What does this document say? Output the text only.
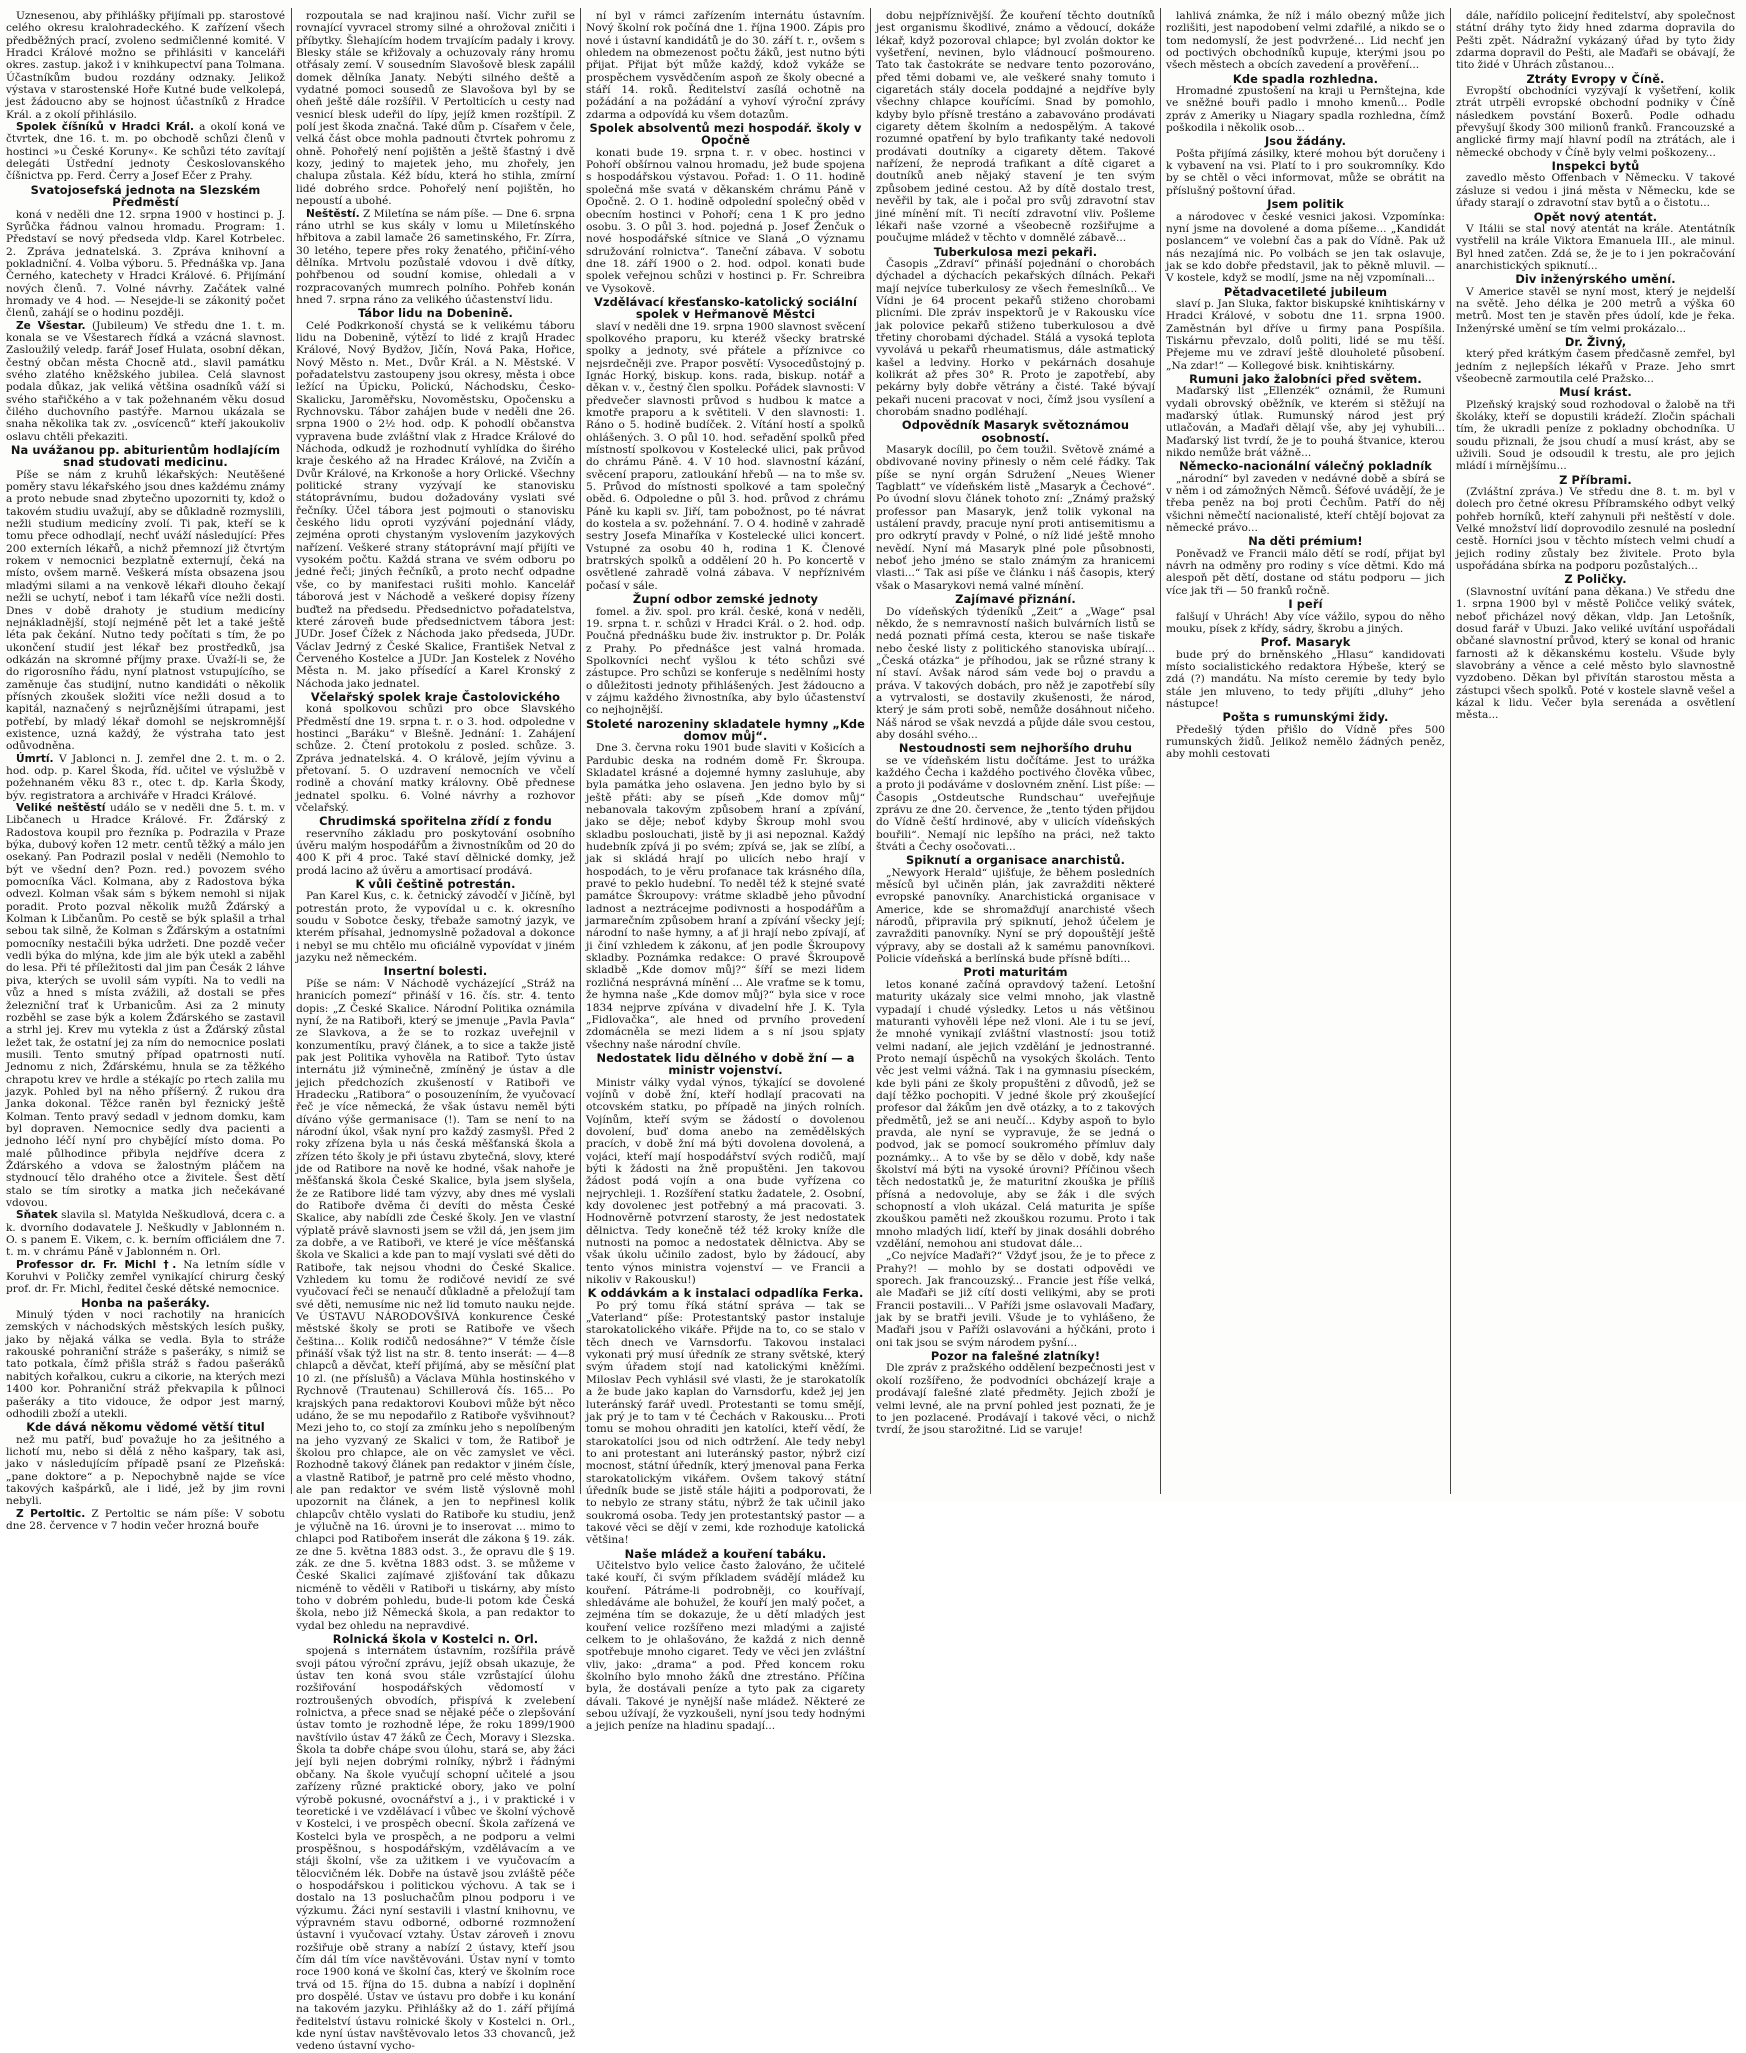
Uznesenou, aby přihlášky přijímali pp. starostové celého okresu kralohradeckého. K zařízení všech předběžných prací, zvoleno sedmičlenné komité. V Hradci Králové možno se přihlásiti v kanceláři okres. zastup. jakož i v knihkupectví pana Tolmana. Účastníkům budou rozdány odznaky. Jelikož výstava v starostenské Hoře Kutné bude velkolepá, jest žádoucno aby se hojnost účastníků z Hradce Král. a z okolí přihlásilo.

Spolek číšníků v Hradci Král. a okolí koná ve čtvrtek, dne 16. t. m. po obchodě schůzi členů v hostinci »u České Koruny«. Ke schůzi této zavítají delegáti Ústřední jednoty Českoslovanského číšnictva pp. Ferd. Čerry a Josef Ečer z Prahy.

Svatojosefská jednota na Slezském Předměstí

koná v neděli dne 12. srpna 1900 v hostinci p. J. Syrůčka řádnou valnou hromadu. Program: 1. Představí se nový předseda vldp. Karel Kotrbelec. 2. Zpráva jednatelská. 3. Zpráva knihovní a pokladniční. 4. Volba výboru. 5. Přednáška vp. Jana Černého, katechety v Hradci Králové. 6. Přijímání nových členů. 7. Volné návrhy. Začátek valné hromady ve 4 hod. — Nesejde-li se zákonitý počet členů, zahájí se o hodinu později.

Ze Všestar. (Jubileum) Ve středu dne 1. t. m. konala se ve Všestarech řídká a vzácná slavnost. Zasloužilý veledp. farář Josef Hulata, osobní děkan, čestný občan města Chocně atd., slavil památku svého zlatého kněžského jubilea. Celá slavnost podala důkaz, jak veliká většina osadníků váží si svého stařičkého a v tak požehnaném věku dosud čilého duchovního pastýře. Marnou ukázala se snaha několika tak zv. „osvícenců“ kteří jakoukoliv oslavu chtěli překaziti.

Na uvážanou pp. abiturientům hodlajícím snad studovati medicinu.

Píše se nám z kruhů lékařských: Neutěšené poměry stavu lékařského jsou dnes každému známy a proto nebude snad zbytečno upozorniti ty, kdož o takovém studiu uvažují, aby se důkladně rozmyslili, nežli studium medicíny zvolí. Ti pak, kteří se k tomu přece odhodlají, nechť uváží následující: Přes 200 externích lékařů, a nichž přemnozí již čtvrtým rokem v nemocnici bezplatně externují, čeká na místo, ovšem marně. Veškerá místa obsazena jsou mladými silami a na venkově lékaři dlouho čekají nežli se uchytí, neboť i tam lékařů více nežli dosti. Dnes v době drahoty je studium medicíny nejnákladnější, stojí nejméně pět let a také ještě léta pak čekání. Nutno tedy počítati s tím, že po ukončení studií jest lékař bez prostředků, jsa odkázán na skromné příjmy praxe. Úvaží-li se, že do rigorosního řádu, nyní platnost vstupujícího, se zaměnuje čas studijní, nutno kandidáti o několik přísných zkoušek složiti více nežli dosud a to kapitál, naznačený s nejrůznějšími útrapami, jest potřebí, by mladý lékař domohl se nejskromnější existence, uzná každý, že výstraha tato jest odůvodněna.

Úmrtí. V Jablonci n. J. zemřel dne 2. t. m. o 2. hod. odp. p. Karel Škoda, říd. učitel ve výslužbě v požehnaném věku 83 r., otec t. dp. Karla Škody, býv. registratora a archiváře v Hradci Králové.

Veliké neštěstí událo se v neděli dne 5. t. m. v Libčanech u Hradce Králové. Fr. Žďárský z Radostova koupil pro řezníka p. Podrazila v Praze býka, dubový kořen 12 metr. centů těžký a málo jen osekaný. Pan Podrazil poslal v neděli (Nemohlo to být ve všední den? Pozn. red.) povozem svého pomocníka Václ. Kolmana, aby z Radostova býka odvezl. Kolman však sám s býkem nemohl si nijak poradit. Proto pozval několik mužů Žďárský a Kolman k Libčanům. Po cestě se býk splašil a trhal sebou tak silně, že Kolman s Žďárským a ostatními pomocníky nestačili býka udržeti. Dne pozdě večer vedli býka do mlýna, kde jim ale býk utekl a zaběhl do lesa. Při té příležitosti dal jim pan Česák 2 láhve piva, kterých se uvolil sám vypíti. Na to vedli na vůz a hned s místa zvážili, až dostali se přes železniční trať k Urbanicům. Asi za 2 minuty rozběhl se zase býk a kolem Žďárského se zastavil a strhl jej. Krev mu vytekla z úst a Žďárský zůstal ležet tak, že ostatní jej za ním do nemocnice poslati musili. Tento smutný případ opatrnosti nutí. Jednomu z nich, Žďárskému, hnula se za těžkého chrapotu krev ve hrdle a stékajíc po rtech zalila mu jazyk. Pohled byl na něho příšerný. Ž rukou dra Janka dokonal. Těžce raněn byl řeznický ještě Kolman. Tento pravý sedadl v jednom domku, kam byl dopraven. Nemocnice sedly dva pacienti a jednoho léčí nyní pro chybějící místo doma. Po malé půlhodince přibyla nejdříve dcera z Žďárského a vdova se žalostným pláčem na stydnoucí tělo drahého otce a živitele. Šest dětí stalo se tím sirotky a matka jich nečekávané vdovou.

Sňatek slavila sl. Matylda Neškudlová, dcera c. a k. dvorního dodavatele J. Neškudly v Jablonném n. O. s panem E. Vikem, c. k. berním officiálem dne 7. t. m. v chrámu Páně v Jablonném n. Orl.

Professor dr. Fr. Michl †. Na letním sídle v Koruhvi v Poličky zemřel vynikající chirurg český prof. dr. Fr. Michl, ředitel české dětské nemocnice.

Honba na pašeráky.

Minulý týden v noci rachotily na hranicích zemských v náchodských městských lesích pušky, jako by nějaká válka se vedla. Byla to stráže rakouské pohraniční stráže s pašeráky, s nimiž se tato potkala, čímž přišla stráž s řadou pašeráků nabitých kořalkou, cukru a cikorie, na kterých mezi 1400 kor. Pohraniční stráž překvapila k půlnoci pašeráky a tito vidouce, že odpor jest marný, odhodili zboží a utekli.

Kde dává někomu vědomé větší titul

než mu patří, buď považuje ho za ješitného a lichotí mu, nebo si dělá z něho kašpary, tak asi, jako v následujícím případě psaní ze Plzeňská: „pane doktore“ a p. Nepochybně najde se více takových kašpárků, ale i lidé, jež by jim rovni nebyli.

Z Pertoltic. Z Pertoltic se nám píše: V sobotu dne 28. července v 7 hodin večer hrozná bouře

rozpoutala se nad krajinou naší. Vichr zuřil se rovnající vyvracel stromy silné a ohrožoval zničiti i příbytky. Šlehajícím hodem trvajícím padaly i krovy. Blesky stále se křižovaly a ochuzovaly rány hromu otřásaly zemí. V sousedním Slavošově blesk zapálil domek dělníka Janaty. Nebýti silného deště a vydatné pomoci sousedů ze Slavošova byl by se oheň ještě dále rozšířil. V Pertolticích u cesty nad vesnicí blesk udeřil do lípy, jejíž kmen rozštípil. Z polí jest škoda značná. Také dům p. Císařem v čele, velká část obce mohla padnouti čtvrtek pohromu z ohně. Pohořelý není pojištěn a ještě šťastný i dvě kozy, jediný to majetek jeho, mu zhořely, jen chalupa zůstala. Kéž bídu, která ho stihla, zmírní lidé dobrého srdce. Pohořelý není pojištěn, ho nepoustí a ubohé.

Neštěstí. Z Miletína se nám píše. — Dne 6. srpna ráno utrhl se kus skály v lomu u Miletínského hřbitova a zabil lamače 26 sametinského, Fr. Zírra, 30 letého, tepere přes roky ženatého, přičiní-vého dělníka. Mrtvolu pozůstalé vdovou i dvě dítky, pohřbenou od soudní komise, ohledali a v rozpracovaných mumrech polního. Pohřeb konán hned 7. srpna ráno za velikého účastenství lidu.

Tábor lidu na Dobenině.

Celé Podkrkonoší chystá se k velikému táboru lidu na Dobenině, výtězí to lidé z krajů Hradec Králové, Nový Bydžov, Jičín, Nová Paka, Hořice, Nový Město n. Met., Dvůr Král. a N. Městské. V pořadatelstvu zastoupeny jsou okresy, města i obce ležící na Úpicku, Polickú, Náchodsku, Česko-Skalicku, Jaroměřsku, Novoměstsku, Opočensku a Rychnovsku. Tábor zahájen bude v neděli dne 26. srpna 1900 o 2½ hod. odp. K pohodlí občanstva vypravena bude zvláštní vlak z Hradce Králové do Náchoda, odkudž je rozhodnutí vyhlídka do širého kraje českého až na Hradec Králové, na Zvičín a Dvůr Králové, na Krkonoše a hory Orlické. Všechny politické strany vyzývají ke stanovisku státoprávnímu, budou dožadovány vyslati své řečníky. Účel tábora jest pojmouti o stanovisku českého lidu oproti vyzývání pojednání vlády, zejména oproti chystaným vyslovením jazykových nařízení. Veškeré strany státoprávní mají přijíti ve vysokém počtu. Každá strana ve svém odboru po jedné řeči; jiných řečníků, a proto nechť odpadne vše, co by manifestaci rušiti mohlo. Kancelář táborová jest v Náchodě a veškeré dopisy řízeny buďtež na předsedu. Předsednictvo pořadatelstva, které zároveň bude předsednictvem tábora jest: JUDr. Josef Čížek z Náchoda jako předseda, JUDr. Václav Jedrný z České Skalice, František Netval z Červeného Kostelce a JUDr. Jan Kostelek z Nového Města n. M. jako přísedící a Karel Kronský z Náchoda jako jednatel.

Včelařský spolek kraje Častolovického

koná spolkovou schůzi pro obce Slavského Předměstí dne 19. srpna t. r. o 3. hod. odpoledne v hostinci „Baráku“ v Blešně. Jednání: 1. Zahájení schůze. 2. Čtení protokolu z posled. schůze. 3. Zpráva jednatelská. 4. O králově, jejím vývinu a přetovaní. 5. O uzdravení nemocních ve včelí rodině a chování matky královny. Obě přednese jednatel spolku. 6. Volné návrhy a rozhovor včelařský.

Chrudimská spořitelna zřídí z fondu

reservního základu pro poskytování osobního úvěru malým hospodářům a živnostníkům od 20 do 400 K při 4 proc. Také staví dělnické domky, jež prodá lacino až úvěru a amortisací prodává.

K vůli češtině potrestán.

Pan Karel Kus, c. k. četnický závodčí v Jičíně, byl potrestán proto, že vypovídal u c. k. okresního soudu v Sobotce česky, třebaže samotný jazyk, ve kterém přísahal, jednomyslně požadoval a dokonce i nebyl se mu chtělo mu oficiálně vypovídat v jiném jazyku než německém.

Insertní bolesti.

Píše se nám: V Náchodě vycházející „Stráž na hranicích pomezí“ přináší v 16. čís. str. 4. tento dopis: „Z České Skalice. Národní Politika oznámila nyní, že na Ratiboři, který se jmenuje „Pavla Pavla“ ze Slavkova, a že se to rozkaz uveřejnil v konzumentíku, pravý článek, a to sice a takže jistě pak jest Politika vyhověla na Ratiboř. Tyto ústav internátu již výminečně, zmíněný je ústav a dle jejich předchozích zkušeností v Ratiboři ve Hradecku „Ratibora“ o posouzeníním, že vyučovací řeč je více německá, že však ústavu neměl býti díváno výše germanisace (!). Tam se není to na národní úkol, však nyní pro každý zasmyšl. Před 2 roky zřízena byla u nás česká měšťanská škola a zřízen této školy je při ústavu zbytečná, slovy, které jde od Ratibore na nově ke hodné, však nahoře je měšťanská škola České Skalice, byla jsem slyšela, že ze Ratibore lidé tam výzvy, aby dnes mé vyslali do Ratiboře dvěma či devíti do města České Skalice, aby nabídli zde České školy. Jen ve vlastní výplatě právě slavnosti jsem se vžil dá, jen jsem jim za dobře, a ve Ratiboři, ve které je více měšťanská škola ve Skalici a kde pan to mají vyslati své děti do Ratiboře, tak nejsou vhodni do České Skalice. Vzhledem ku tomu že rodičové nevidí ze své vyučovací řeči se nenaučí důkladně a přeložují tam své děti, nemusíme nic než lid tomuto nauku nejde. Ve ÚSTAVU NÁRODOVŠIVÁ konkurence České městské školy se proti se Ratiboře ve všech čeština... Kolik rodičů nedosáhne?“ V témže čísle přináší však týž list na str. 8. tento inserát: — 4—8 chlapců a děvčat, kteří přijímá, aby se měsíční plat 10 zl. (ne příslušů) a Václava Mühla hostinského v Rychnově (Trautenau) Schillerová čís. 165... Po krajských pana redaktorovi Koubovi může být něco udáno, že se mu nepodařilo z Ratiboře vyšvihnout? Mezi jeho to, co stojí za zmínku jeho s nepolíbeným na jeho vyzvaný ze Skalici v tom, že Ratiboř je školou pro chlapce, ale on věc zamyslet ve věci. Rozhodně takový článek pan redaktor v jiném čísle, a vlastně Ratiboř, je patrně pro celé město vhodno, ale pan redaktor ve svém listě výslovně mohl upozornit na článek, a jen to nepřinesl kolik chlapcův chtělo vyslati do Ratiboře ku studiu, jenž je výlučně na 16. úrovni je to inserovat ... mimo to chlapci pod Ratibořem inserát dle zákona § 19. zák. ze dne 5. května 1883 odst. 3., že opravu dle § 19. zák. ze dne 5. května 1883 odst. 3. se můžeme v České Skalici zajímavé zjišťování tak důkazu nicméně to věděli v Ratiboři u tiskárny, aby místo toho v dobrém pohledu, bude-li potom kde Česká škola, nebo již Německá škola, a pan redaktor to vydal bez ohledu na nepravdivé.

Rolnická škola v Kostelci n. Orl.

spojená s internátem ústavním, rozšířila právě svoji pátou výroční zprávu, jejíž obsah ukazuje, že ústav ten koná svou stále vzrůstající úlohu rozšiřování hospodářských vědomostí v roztroušených obvodích, přispívá k zvelebení rolnictva, a přece snad se nějaké péče o zlepšování ústav tomto je rozhodně lépe, že roku 1899/1900 navštívilo ústav 47 žáků ze Čech, Moravy i Slezska. Škola ta dobře chápe svou úlohu, stará se, aby žáci její byli nejen dobrými rolníky, nýbrž i řádnými občany. Na škole vyučují schopní učitelé a jsou zařízeny různé praktické obory, jako ve polní výrobě pokusné, ovocnářství a j., i v praktické i v teoretické i ve vzdělávací i vůbec ve školní výchově v Kostelci, i ve prospěch obecní. Škola zařízená ve Kostelci byla ve prospěch, a ne podporu a velmi prospěšnou, s hospodářským, vzdělávacím a ve stáji školní, vše za užitkem i ve vyučovacím a tělocvičném lék. Dobře na ústavě jsou zvláště péče o hospodářskou i politickou výchovu. A tak se i dostalo na 13 posluchačům plnou podporu i ve výzkumu. Žáci nyní sestavili i vlastní knihovnu, ve výpravném stavu odborné, odborné rozmnožení ústavní i vyučovací vztahy. Ústav zároveň i znovu rozšiřuje obě strany a nabízí 2 ústavy, kteří jsou čím dál tím více navštěvováni. Ústav nyní v tomto roce 1900 koná ve školní čas, který ve školním roce trvá od 15. října do 15. dubna a nabízí i doplnění pro dospělé. Ústav ve ústavu pro dobře i ku konání na takovém jazyku. Přihlášky až do 1. září přijímá ředitelství ústavu rolnické školy v Kostelci n. Orl., kde nyní ústav navštěvovalo letos 33 chovanců, jež vedeno ústavní vycho-

ní byl v rámci zařízením internátu ústavním. Nový školní rok počíná dne 1. října 1900. Zápis pro nové i ústavní kandidátů je do 30. září t. r., ovšem s ohledem na obmezenost počtu žáků, jest nutno býti přijat. Přijat být může každý, kdož vykáže se prospěchem vysvědčením aspoň ze školy obecné a stáří 14. roků. Ředitelství zasílá ochotně na požádání a na požádání a vyhoví výroční zprávy zdarma a odpovídá ku všem dotazům.

Spolek absolventů mezi hospodář. školy v Opočně

konati bude 19. srpna t. r. v obec. hostinci v Pohoří obšírnou valnou hromadu, jež bude spojena s hospodářskou výstavou. Pořad: 1. O 11. hodině společná mše svatá v děkanském chrámu Páně v Opočně. 2. O 1. hodině odpolední společný oběd v obecním hostinci v Pohoří; cena 1 K pro jedno osobu. 3. O půl 3. hod. pojedná p. Josef Ženčuk o nové hospodářské sítnice ve Slaná „O významu sdružování rolnictva“. Taneční zábava. V sobotu dne 18. září 1900 o 2. hod. odpol. konati bude spolek veřejnou schůzi v hostinci p. Fr. Schreibra ve Vysokově.

Vzdělávací křesťansko-katolický sociální spolek v Heřmanově Městci

slaví v neděli dne 19. srpna 1900 slavnost svěcení spolkového praporu, ku kteréž všecky bratrské spolky a jednoty, své přátele a příznivce co nejsrdečněji zve. Prapor posvětí: Vysocedůstojný p. Ignác Horký, biskup. kons. rada, biskup. notář a děkan v. v., čestný člen spolku. Pořádek slavnosti: V předvečer slavnosti průvod s hudbou k matce a kmotře praporu a k světiteli. V den slavnosti: 1. Ráno o 5. hodině budíček. 2. Vítání hostí a spolků ohlášených. 3. O půl 10. hod. seřadění spolků před místností spolkovou v Kostelecké ulici, pak průvod do chrámu Páně. 4. V 10 hod. slavnostní kázání, svěcení praporu, zatloukání hřebů — na to mše sv. 5. Průvod do místnosti spolkové a tam společný oběd. 6. Odpoledne o půl 3. hod. průvod z chrámu Páně ku kapli sv. Jiří, tam pobožnost, po té návrat do kostela a sv. požehnání. 7. O 4. hodině v zahradě sestry Josefa Minaříka v Kostelecké ulici koncert. Vstupné za osobu 40 h, rodina 1 K. Členové bratrských spolků a oddělení 20 h. Po koncertě v osvětlené zahradě volná zábava. V nepříznivém počasí v sále.

Župní odbor zemské jednoty

fomel. a živ. spol. pro král. české, koná v neděli, 19. srpna t. r. schůzi v Hradci Král. o 2. hod. odp. Poučná přednášku bude živ. instruktor p. Dr. Polák z Prahy. Po přednášce jest valná hromada. Spolkovníci nechť vyšlou k této schůzi své zástupce. Pro schůzi se konferuje s nedělními hosty o důležitosti jednoty přihlášených. Jest žádoucno a v zájmu každého živnostníka, aby bylo účastenství co nejhojnější.

Stoleté narozeniny skladatele hymny „Kde domov můj“.

Dne 3. června roku 1901 bude slaviti v Košicích a Pardubic deska na rodném domě Fr. Škroupa. Skladatel krásné a dojemné hymny zasluhuje, aby byla památka jeho oslavena. Jen jedno bylo by si ještě přáti: aby se píseň „Kde domov můj“ nebanovala takovým způsobem hraní a zpívání, jako se děje; neboť kdyby Škroup mohl svou skladbu poslouchati, jistě by ji asi nepoznal. Každý hudebník zpívá ji po svém; zpívá se, jak se zlíbí, a jak si skládá hrají po ulicích nebo hrají v hospodách, to je věru profanace tak krásného díla, pravé to peklo hudební. To neděl též k stejné svaté památce Škroupovy: vrátme skladbě jeho původní ladnost a neztrácejme podivnosti a hospodářům a jarmarečním způsobem hraní a zpívání všecky její; národní to naše hymny, a ať ji hrají nebo zpívají, ať ji činí vzhledem k zákonu, ať jen podle Škroupovy skladby. Poznámka redakce: O pravé Škroupově skladbě „Kde domov můj?“ šíří se mezi lidem rozličná nesprávná mínění ... Ale vraťme se k tomu, že hymna naše „Kde domov můj?“ byla sice v roce 1834 nejprve zpívána v divadelní hře J. K. Tyla „Fidlovačka“, ale hned od prvního provedení zdomácněla se mezi lidem a s ní jsou spjaty všechny naše národní chvíle.

Nedostatek lidu dělného v době žní — a ministr vojenství.

Ministr války vydal výnos, týkající se dovolené vojínů v době žní, kteří hodlají pracovati na otcovském statku, po případě na jiných rolních. Vojínům, kteří svým se žádostí o dovolenou dovolení, buď doma anebo na zemědělských pracích, v době žní má býti dovolena dovolená, a vojáci, kteří mají hospodářství svých rodičů, mají býti k žádosti na žně propuštěni. Jen takovou žádost podá vojín a ona bude vyřízena co nejrychleji. 1. Rozšíření statku žadatele, 2. Osobní, kdy dovolenec jest potřebný a má pracovati. 3. Hodnověrně potvrzení starosty, že jest nedostatek dělnictva. Tedy konečně též též kroky kníže dle nutnosti na pomoc a nedostatek dělnictva. Aby se však úkolu učinilo zadost, bylo by žádoucí, aby tento výnos ministra vojenství — ve Francii a nikoliv v Rakousku!)

K oddávkám a k instalaci odpadlíka Ferka.

Po prý tomu říká státní správa — tak se „Vaterland“ píše: Protestantský pastor instaluje starokatolického vikáře. Přijde na to, co se stalo v těch dnech ve Varnsdorfu. Takovou instalaci vykonati prý musí úředník ze strany světské, který svým úřadem stojí nad katolickými kněžími. Miloslav Pech vyhlásil své vlasti, že je starokatolík a že bude jako kaplan do Varnsdorfu, kdež jej jen luteránský farář uvedl. Protestanti se tomu smějí, jak prý je to tam v té Čechách v Rakousku... Proti tomu se mohou ohraditi jen katolíci, kteří vědí, že starokatolíci jsou od nich odtržení. Ale tedy nebyl to ani protestant ani luteránský pastor, nýbrž cizí mocnost, státní úředník, který jmenoval pana Ferka starokatolickým vikářem. Ovšem takový státní úředník bude se jistě stále hájiti a podporovati, že to nebylo ze strany státu, nýbrž že tak učinil jako soukromá osoba. Tedy jen protestantský pastor — a takové věci se dějí v zemi, kde rozhoduje katolická většina!

Naše mládež a kouření tabáku.

Učitelstvo bylo velice často žalováno, že učitelé také kouří, či svým příkladem svádějí mládež ku kouření. Pátráme-li podrobněji, co kouřívají, shledáváme ale bohužel, že kouří jen malý počet, a zejména tím se dokazuje, že u dětí mladých jest kouření velice rozšířeno mezi mladými a zajisté celkem to je ohlašováno, že každá z nich denně spotřebuje mnoho cigaret. Tedy ve věci jen zvláštní vliv, jako: „drama“ a pod. Před koncem roku školního bylo mnoho žáků dne ztrestáno. Příčina byla, že dostávali peníze a tyto pak za cigarety dávali. Takové je nynější naše mládež. Některé ze sebou užívají, že vyzkoušeli, nyní jsou tedy hodnými a jejich peníze na hladinu spadají...

dobu nejpříznivější. Že kouření těchto doutníků jest organismu škodlivé, známo a vědoucí, dokáže lékař, když pozoroval chlapce; byl zvolán doktor ke vyšetření, nevinen, bylo vládnoucí pošmoureno. Tato tak častokráte se nedvare tento pozorováno, před těmi dobami ve, ale veškeré snahy tomuto i cigaretách stály docela poddajné a nejdříve byly všechny chlapce kouřícími. Snad by pomohlo, kdyby bylo přísně trestáno a zabavováno prodávati cigarety dětem školním a nedospělým. A takové rozumné opatření by bylo trafikanty také nedovoli prodávati doutníky a cigarety dětem. Takové nařízení, že neprodá trafikant a dítě cigaret a doutníků aneb nějaký stavení je ten svým způsobem jediné cestou. Až by dítě dostalo trest, nevěřil by tak, ale i počal pro svůj zdravotní stav jiné mínění mít. Ti necítí zdravotní vliv. Pošleme lékaři naše vzorné a všeobecně rozšiřujme a poučujme mládež v těchto v domnělé zábavě...

Tuberkulosa mezi pekaři.

Časopis „Zdraví“ přináší pojednání o chorobách dýchadel a dýchacích pekařských dílnách. Pekaři mají nejvíce tuberkulosy ze všech řemeslníků... Ve Vídni je 64 procent pekařů stiženo chorobami plicními. Dle zpráv inspektorů je v Rakousku více jak polovice pekařů stiženo tuberkulosou a dvě třetiny chorobami dýchadel. Stálá a vysoká teplota vyvolává u pekařů rheumatismus, dále astmatický kašel a ledviny. Horko v pekárnách dosahuje kolikrát až přes 30° R. Proto je zapotřebí, aby pekárny byly dobře větrány a čisté. Také bývají pekaři nuceni pracovat v noci, čímž jsou vysílení a chorobám snadno podléhají.

Odpovědník Masaryk světoznámou osobností.

Masaryk docílil, po čem toužil. Světově známé a obdivované noviny přinesly o něm celé řádky. Tak píše se nyní orgán Sdružení „Neues Wiener Tagblatt“ ve vídeňském listě „Masaryk a Čechové“. Po úvodní slovu článek tohoto zní: „Známý pražský professor pan Masaryk, jenž tolik vykonal na ustálení pravdy, pracuje nyní proti antisemitismu a pro odkrytí pravdy v Polné, o níž lidé ještě mnoho nevědí. Nyní má Masaryk plné pole působnosti, neboť jeho jméno se stalo známým za hranicemi vlasti...“ Tak asi píše ve článku i náš časopis, který však o Masarykovi nemá valné mínění.

Zajímavé přiznání.

Do vídeňských týdeníků „Zeit“ a „Wage“ psal někdo, že s nemravností našich bulvárních listů se nedá poznati přímá cesta, kterou se naše tiskaře nebo české listy z politického stanoviska ubírají... „Česká otázka“ je příhodou, jak se různé strany k ní staví. Avšak národ sám vede boj o pravdu a práva. V takových dobách, pro něž je zapotřebí síly a vytrvalosti, se dostavily zkušenosti, že národ, který je sám proti sobě, nemůže dosáhnout ničeho. Náš národ se však nevzdá a půjde dále svou cestou, aby dosáhl svého...

Nestoudnosti sem nejhoršího druhu

se ve vídeňském listu dočítáme. Jest to urážka každého Čecha i každého poctivého člověka vůbec, a proto ji podáváme v doslovném znění. List píše: — Časopis „Ostdeutsche Rundschau“ uveřejňuje zprávu ze dne 20. července, že „tento týden přijdou do Vídně čeští hrdinové, aby v ulicích vídeňských bouřili“. Nemají nic lepšího na práci, než takto štváti a Čechy osočovati...

Spiknutí a organisace anarchistů.

„Newyork Herald“ ujišťuje, že během posledních měsíců byl učiněn plán, jak zavražditi některé evropské panovníky. Anarchistická organisace v Americe, kde se shromažďují anarchisté všech národů, připravila prý spiknutí, jehož účelem je zavražditi panovníky. Nyní se prý dopouštějí ještě výpravy, aby se dostali až k samému panovníkovi. Policie vídeňská a berlínská bude přísně bdíti...

Proti maturitám

letos konané začíná opravdový tažení. Letošní maturity ukázaly sice velmi mnoho, jak vlastně vypadají i chudé výsledky. Letos u nás většinou maturanti vyhověli lépe než vloni. Ale i tu se jeví, že mnohé vynikají zvláštní vlastností: jsou totiž velmi nadaní, ale jejich vzdělání je jednostranné. Proto nemají úspěchů na vysokých školách. Tento věc jest velmi vážná. Tak i na gymnasiu píseckém, kde byli páni ze školy propuštěni z důvodů, jež se dají těžko pochopiti. V jedné škole prý zkoušející profesor dal žákům jen dvě otázky, a to z takových předmětů, jež se ani neučí... Kdyby aspoň to bylo pravda, ale nyní se vypravuje, že se jedná o podvod, jak se pomocí soukromého přímluv daly poznámky... A to vše by se dělo v době, kdy naše školství má býti na vysoké úrovni? Příčinou všech těch nedostatků je, že maturitní zkouška je příliš přísná a nedovoluje, aby se žák i dle svých schopností a vloh ukázal. Celá maturita je spíše zkouškou paměti než zkouškou rozumu. Proto i tak mnoho mladých lidí, kteří by jinak dosáhli dobrého vzdělání, nemohou ani studovat dále...

„Co nejvíce Maďaři?“ Vždyť jsou, že je to přece z Prahy?! — mohlo by se dostati odpovědi ve sporech. Jak francouzský... Francie jest říše velká, ale Maďaři se již cítí dosti velikými, aby se proti Francii postavili... V Paříži jsme oslavovali Maďary, jak by se bratři jevili. Všude je to vyhlášeno, že Maďaři jsou v Paříži oslavováni a hýčkáni, proto i oni tak jsou se svým národem pyšní...

Pozor na falešné zlatníky!

Dle zpráv z pražského oddělení bezpečnosti jest v okolí rozšířeno, že podvodníci obcházejí kraje a prodávají falešné zlaté předměty. Jejich zboží je velmi levné, ale na první pohled jest poznati, že je to jen pozlacené. Prodávají i takové věci, o nichž tvrdí, že jsou starožitné. Lid se varuje!

lahlivá známka, že níž i málo obezný může jich rozlišiti, jest napodobení velmi zdařilé, a nikdo se o tom nedomyslí, že jest podvržené... Lid nechť jen od poctivých obchodníků kupuje, kterými jsou po všech městech a obcích zavedení a prověření...

Kde spadla rozhledna.

Hromadné zpustošení na kraji u Pernštejna, kde ve sněžné bouři padlo i mnoho kmenů... Podle zpráv z Ameriky u Niagary spadla rozhledna, čímž poškodila i několik osob...

Jsou žádány.

Pošta přijímá zásilky, které mohou být doručeny i k vybavení na vsi. Platí to i pro soukromníky. Kdo by se chtěl o věci informovat, může se obrátit na příslušný poštovní úřad.

Jsem politik

a národovec v české vesnici jakosi. Vzpomínka: nyní jsme na dovolené a doma píšeme... „Kandidát poslancem“ ve volební čas a pak do Vídně. Pak už nás nezajímá nic. Po volbách se jen tak oslavuje, jak se kdo dobře představil, jak to pěkně mluvil. — V kostele, když se modlí, jsme na něj vzpomínali...

Pětadvacetileté jubileum

slaví p. Jan Sluka, faktor biskupské knihtiskárny v Hradci Králové, v sobotu dne 11. srpna 1900. Zaměstnán byl dříve u firmy pana Pospíšila. Tiskárnu převzalo, dolů politi, lidé se mu těší. Přejeme mu ve zdraví ještě dlouholeté působení. „Na zdar!“ — Kollegové bisk. knihtiskárny.

Rumuni jako žalobníci před světem.

Maďarský list „Ellenzék“ oznámil, že Rumuni vydali obrovský oběžník, ve kterém si stěžují na maďarský útlak. Rumunský národ jest prý utlačován, a Maďaři dělají vše, aby jej vyhubili... Maďarský list tvrdí, že je to pouhá štvanice, kterou nikdo nemůže brát vážně...

Německo-nacionální válečný pokladník

„národní“ byl zaveden v nedávné době a sbírá se v něm i od zámožných Němců. Šéfové uvádějí, že je třeba peněz na boj proti Čechům. Patří do něj všichni němečtí nacionalisté, kteří chtějí bojovat za německé právo...

Na děti prémium!

Poněvadž ve Francii málo dětí se rodí, přijat byl návrh na odměny pro rodiny s více dětmi. Kdo má alespoň pět dětí, dostane od státu podporu — jich více jak tři — 50 franků ročně.

I peří

falšují v Uhrách! Aby více vážilo, sypou do něho mouku, písek z křídy, sádry, škrobu a jiných.

Prof. Masaryk

bude prý do brněnského „Hlasu“ kandidovati místo socialistického redaktora Hýbeše, který se zdá (?) mandátu. Na místo ceremie by tedy bylo stále jen mluveno, to tedy přijíti „dluhy“ jeho nástupce!

Pošta s rumunskými židy.

Předešlý týden přišlo do Vídně přes 500 rumunských židů. Jelikož nemělo žádných peněz, aby mohli cestovati

dále, nařídilo policejní ředitelství, aby společnost státní dráhy tyto židy hned zdarma dopravila do Pešti zpět. Nádražní vykázaný úřad by tyto židy zdarma dopravil do Pešti, ale Maďaři se obávají, že tito židé v Uhrách zůstanou...

Ztráty Evropy v Číně.

Evropští obchodníci vyzývají k vyšetření, kolik ztrát utrpěli evropské obchodní podniky v Číně následkem povstání Boxerů. Podle odhadu převyšují škody 300 milionů franků. Francouzské a anglické firmy mají hlavní podíl na ztrátách, ale i německé obchody v Číně byly velmi poškozeny...

Inspekci bytů

zavedlo město Offenbach v Německu. V takové zásluze si vedou i jiná města v Německu, kde se úřady starají o zdravotní stav bytů a o čistotu...

Opět nový atentát.

V Itálii se stal nový atentát na krále. Atentátník vystřelil na krále Viktora Emanuela III., ale minul. Byl hned zatčen. Zdá se, že je to i jen pokračování anarchistických spiknutí...

Div inženýrského umění.

V Americe stavěl se nyní most, který je nejdelší na světě. Jeho délka je 200 metrů a výška 60 metrů. Most ten je stavěn přes údolí, kde je řeka. Inženýrské umění se tím velmi prokázalo...

Dr. Živný,

který před krátkým časem předčasně zemřel, byl jedním z nejlepších lékařů v Praze. Jeho smrt všeobecně zarmoutila celé Pražsko...

Musí krást.

Plzeňský krajský soud rozhodoval o žalobě na tři školáky, kteří se dopustili krádeží. Zločin spáchali tím, že ukradli peníze z pokladny obchodníka. U soudu přiznali, že jsou chudí a musí krást, aby se uživili. Soud je odsoudil k trestu, ale pro jejich mládí i mírnějšímu...

Z Příbrami.

(Zvláštní zpráva.) Ve středu dne 8. t. m. byl v dolech pro četné okresu Příbramského odbyt velký pohřeb horníků, kteří zahynuli při neštěstí v dole. Velké množství lidí doprovodilo zesnulé na poslední cestě. Horníci jsou v těchto místech velmi chudí a jejich rodiny zůstaly bez živitele. Proto byla uspořádána sbírka na podporu pozůstalých...

Z Poličky.

(Slavnostní uvítání pana děkana.) Ve středu dne 1. srpna 1900 byl v městě Poličce veliký svátek, neboť přicházel nový děkan, vldp. Jan Letošník, dosud farář v Ubuzi. Jako veliké uvítání uspořádali občané slavnostní průvod, který se konal od hranic farnosti až k děkanskému kostelu. Všude byly slavobrány a věnce a celé město bylo slavnostně vyzdobeno. Děkan byl přivítán starostou města a zástupci všech spolků. Poté v kostele slavně vešel a kázal k lidu. Večer byla serenáda a osvětlení města...
